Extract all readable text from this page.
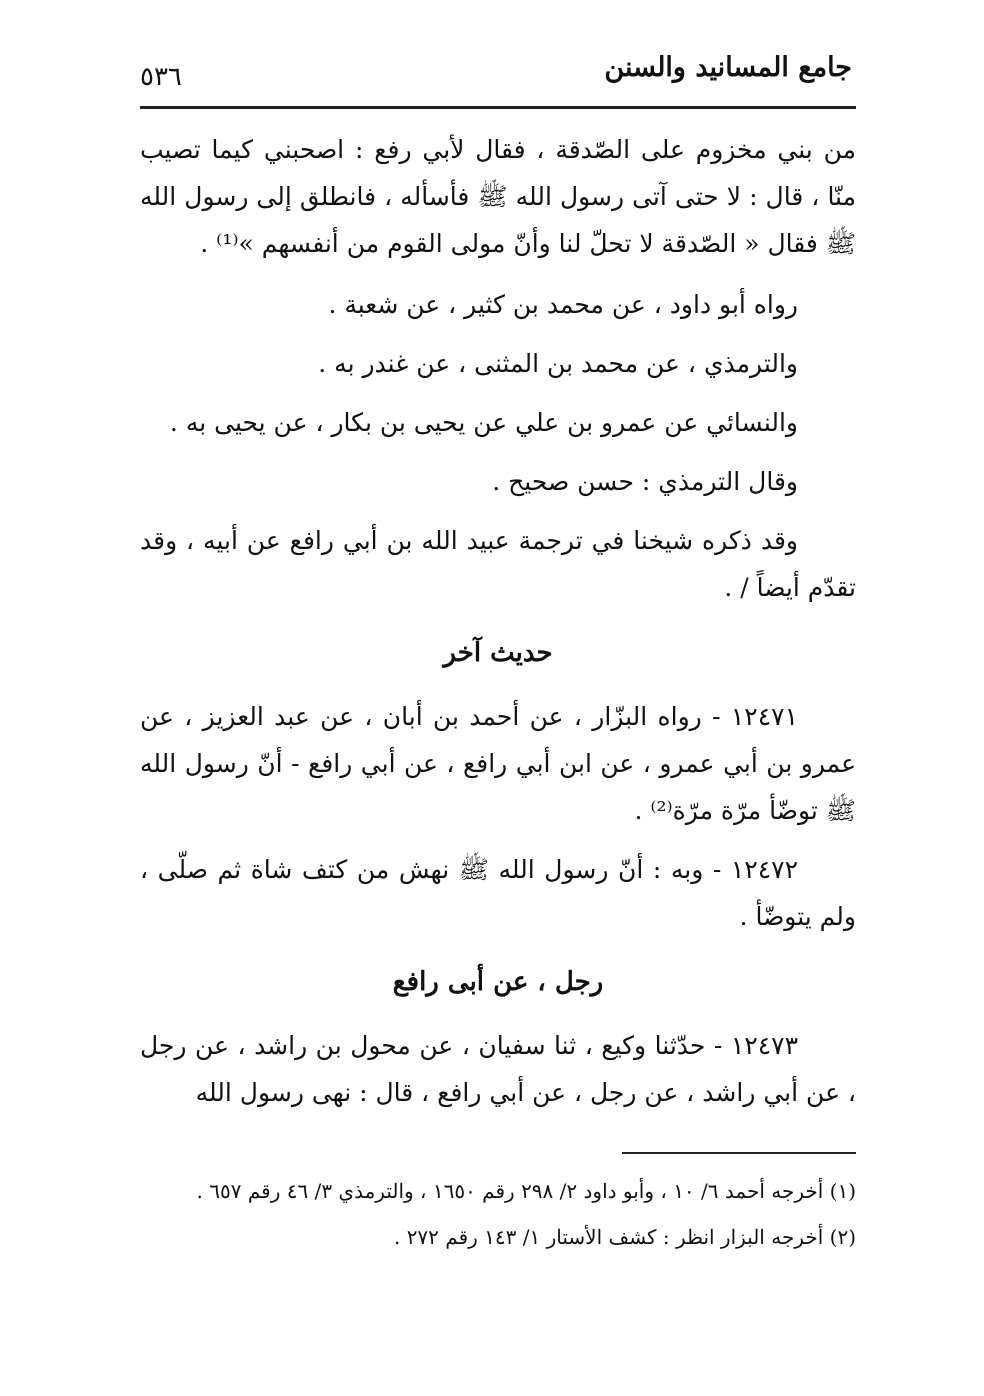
جامع المسانيد والسنن
٥٣٦

من بني مخزوم على الصّدقة ، فقال لأبي رفع : اصحبني كيما تصيب منّا ، قال : لا حتى آتى رسول الله ﷺ فأسأله ، فانطلق إلى رسول الله ﷺ فقال « الصّدقة لا تحلّ لنا وأنّ مولى القوم من أنفسهم »⁽¹⁾ .

رواه أبو داود ، عن محمد بن كثير ، عن شعبة .

والترمذي ، عن محمد بن المثنى ، عن غندر به .

والنسائي عن عمرو بن علي عن يحيى بن بكار ، عن يحيى به .

وقال الترمذي : حسن صحيح .

وقد ذكره شيخنا في ترجمة عبيد الله بن أبي رافع عن أبيه ، وقد تقدّم أيضاً / .

حديث آخر

١٢٤٧١ - رواه البزّار ، عن أحمد بن أبان ، عن عبد العزيز ، عن عمرو بن أبي عمرو ، عن ابن أبي رافع ، عن أبي رافع - أنّ رسول الله ﷺ توضّأ مرّة مرّة⁽²⁾ .

١٢٤٧٢ - وبه : أنّ رسول الله ﷺ نهش من كتف شاة ثم صلّى ، ولم يتوضّأ .

رجل ، عن أبى رافع

١٢٤٧٣ - حدّثنا وكيع ، ثنا سفيان ، عن محول بن راشد ، عن رجل ، عن أبي راشد ، عن رجل ، عن أبي رافع ، قال : نهى رسول الله

(١) أخرجه أحمد ٦/ ١٠ ، وأبو داود ٢/ ٢٩٨ رقم ١٦٥٠ ، والترمذي ٣/ ٤٦ رقم ٦٥٧ .

(٢) أخرجه البزار انظر : كشف الأستار ١/ ١٤٣ رقم ٢٧٢ .
